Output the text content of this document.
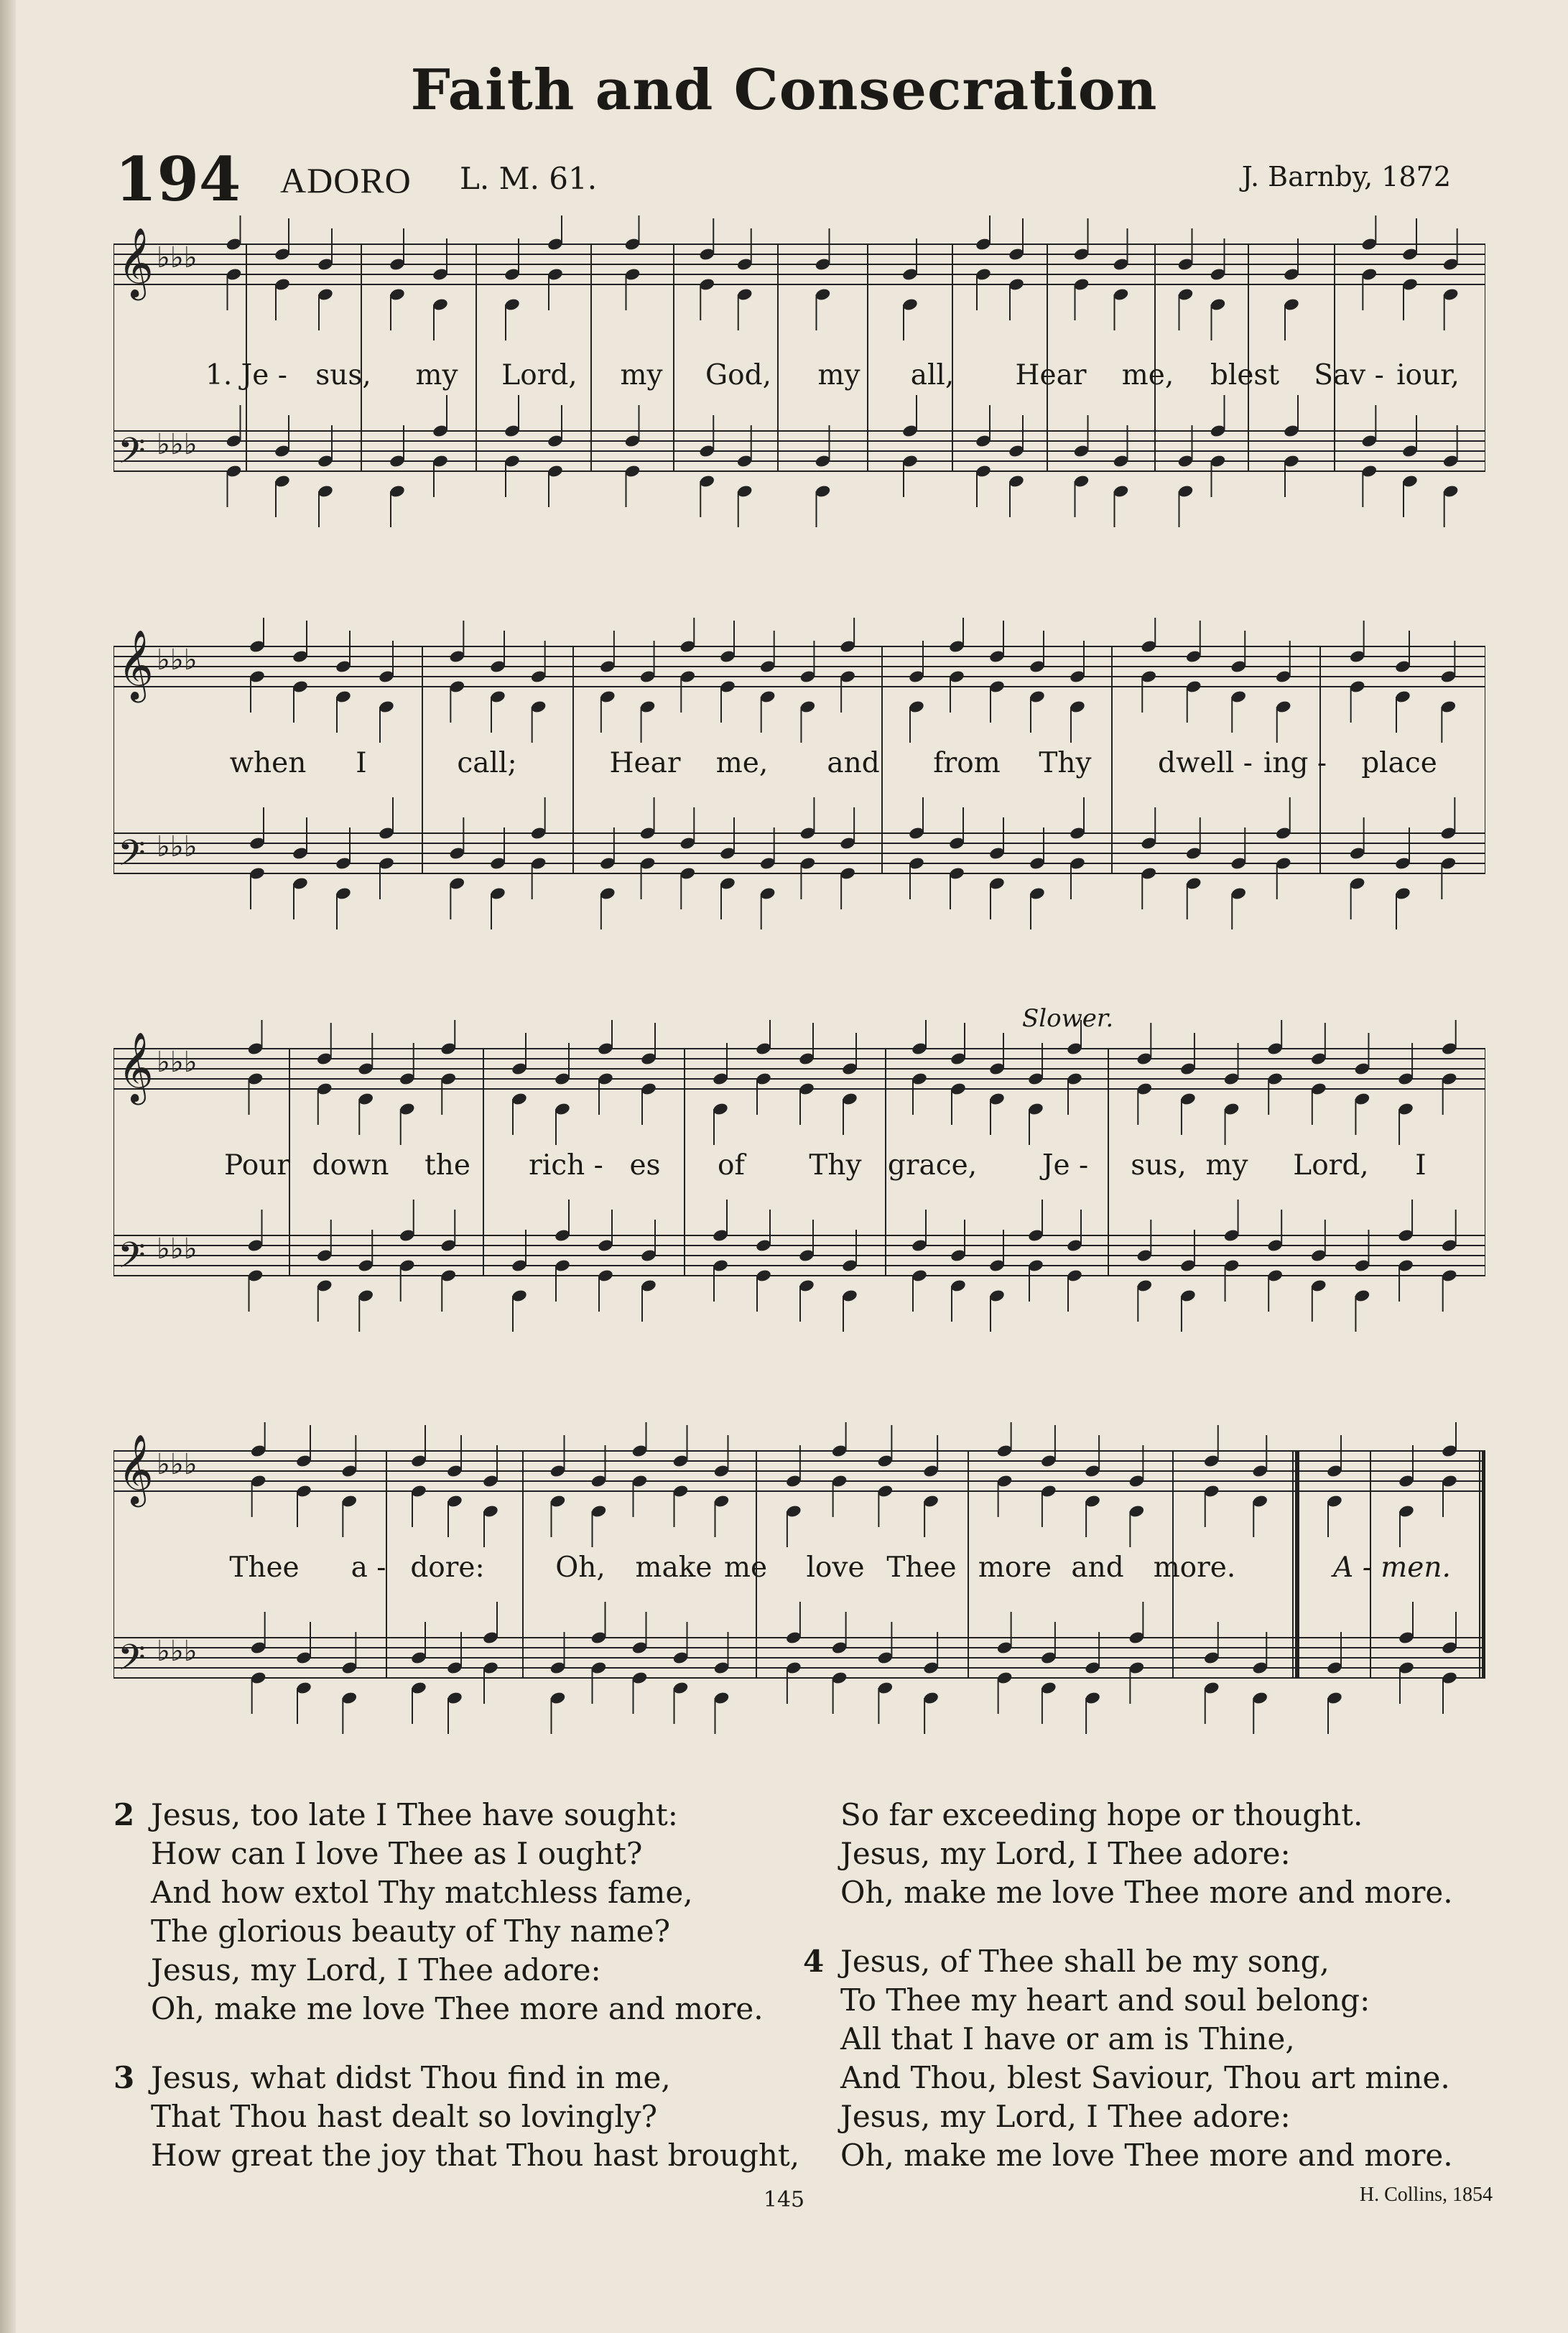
Faith and Consecration
194 ADORO L. M. 61.	J. Barnby, 1872
𝄞 ♭♭♭
𝄢 ♭♭♭
1. Je - sus, my Lord, my God, my all, Hear me, blest Sav - iour,
𝄞 ♭♭♭
𝄢 ♭♭♭
when I	call;	Hear me, and from Thy dwell - ing - place
Slower.
𝄞 ♭♭♭
𝄢 ♭♭♭
Pour down the rich - es of Thy grace, Je - sus, my Lord, I
𝄞 ♭♭♭
𝄢 ♭♭♭
Thee a - dore:	Oh, make me love Thee more and more.	A - men.
2 Jesus, too late I Thee have sought:
How can I love Thee as I ought?
And how extol Thy matchless fame,
The glorious beauty of Thy name?
Jesus, my Lord, I Thee adore:
Oh, make me love Thee more and more.
3 Jesus, what didst Thou find in me,
That Thou hast dealt so lovingly?
How great the joy that Thou hast brought,
So far exceeding hope or thought.
Jesus, my Lord, I Thee adore:
Oh, make me love Thee more and more.
4 Jesus, of Thee shall be my song,
To Thee my heart and soul belong:
All that I have or am is Thine,
And Thou, blest Saviour, Thou art mine.
Jesus, my Lord, I Thee adore:
Oh, make me love Thee more and more.
145	H. Collins, 1854
